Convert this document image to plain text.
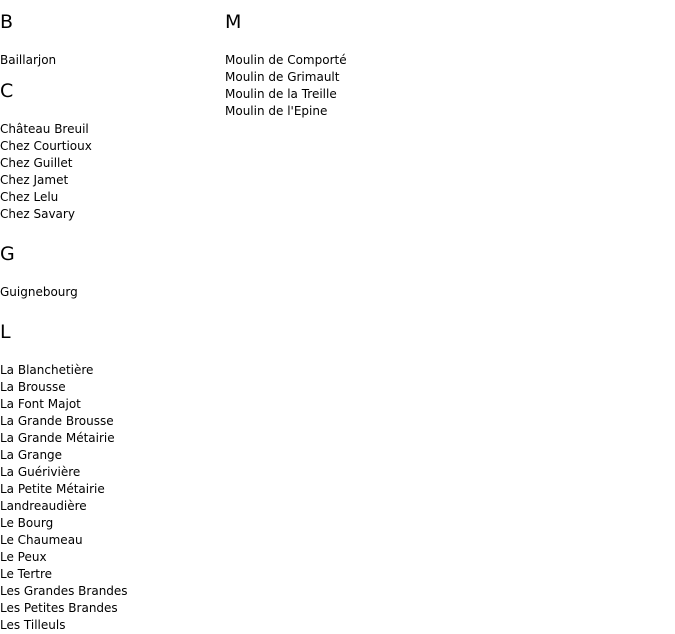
B
Baillarjon
C
Château Breuil
Chez Courtioux
Chez Guillet
Chez Jamet
Chez Lelu
Chez Savary
G
Guignebourg
L
La Blanchetière
La Brousse
La Font Majot
La Grande Brousse
La Grande Métairie
La Grange
La Guérivière
La Petite Métairie
Landreaudière
Le Bourg
Le Chaumeau
Le Peux
Le Tertre
Les Grandes Brandes
Les Petites Brandes
Les Tilleuls
M
Moulin de Comporté
Moulin de Grimault
Moulin de la Treille
Moulin de l'Epine
